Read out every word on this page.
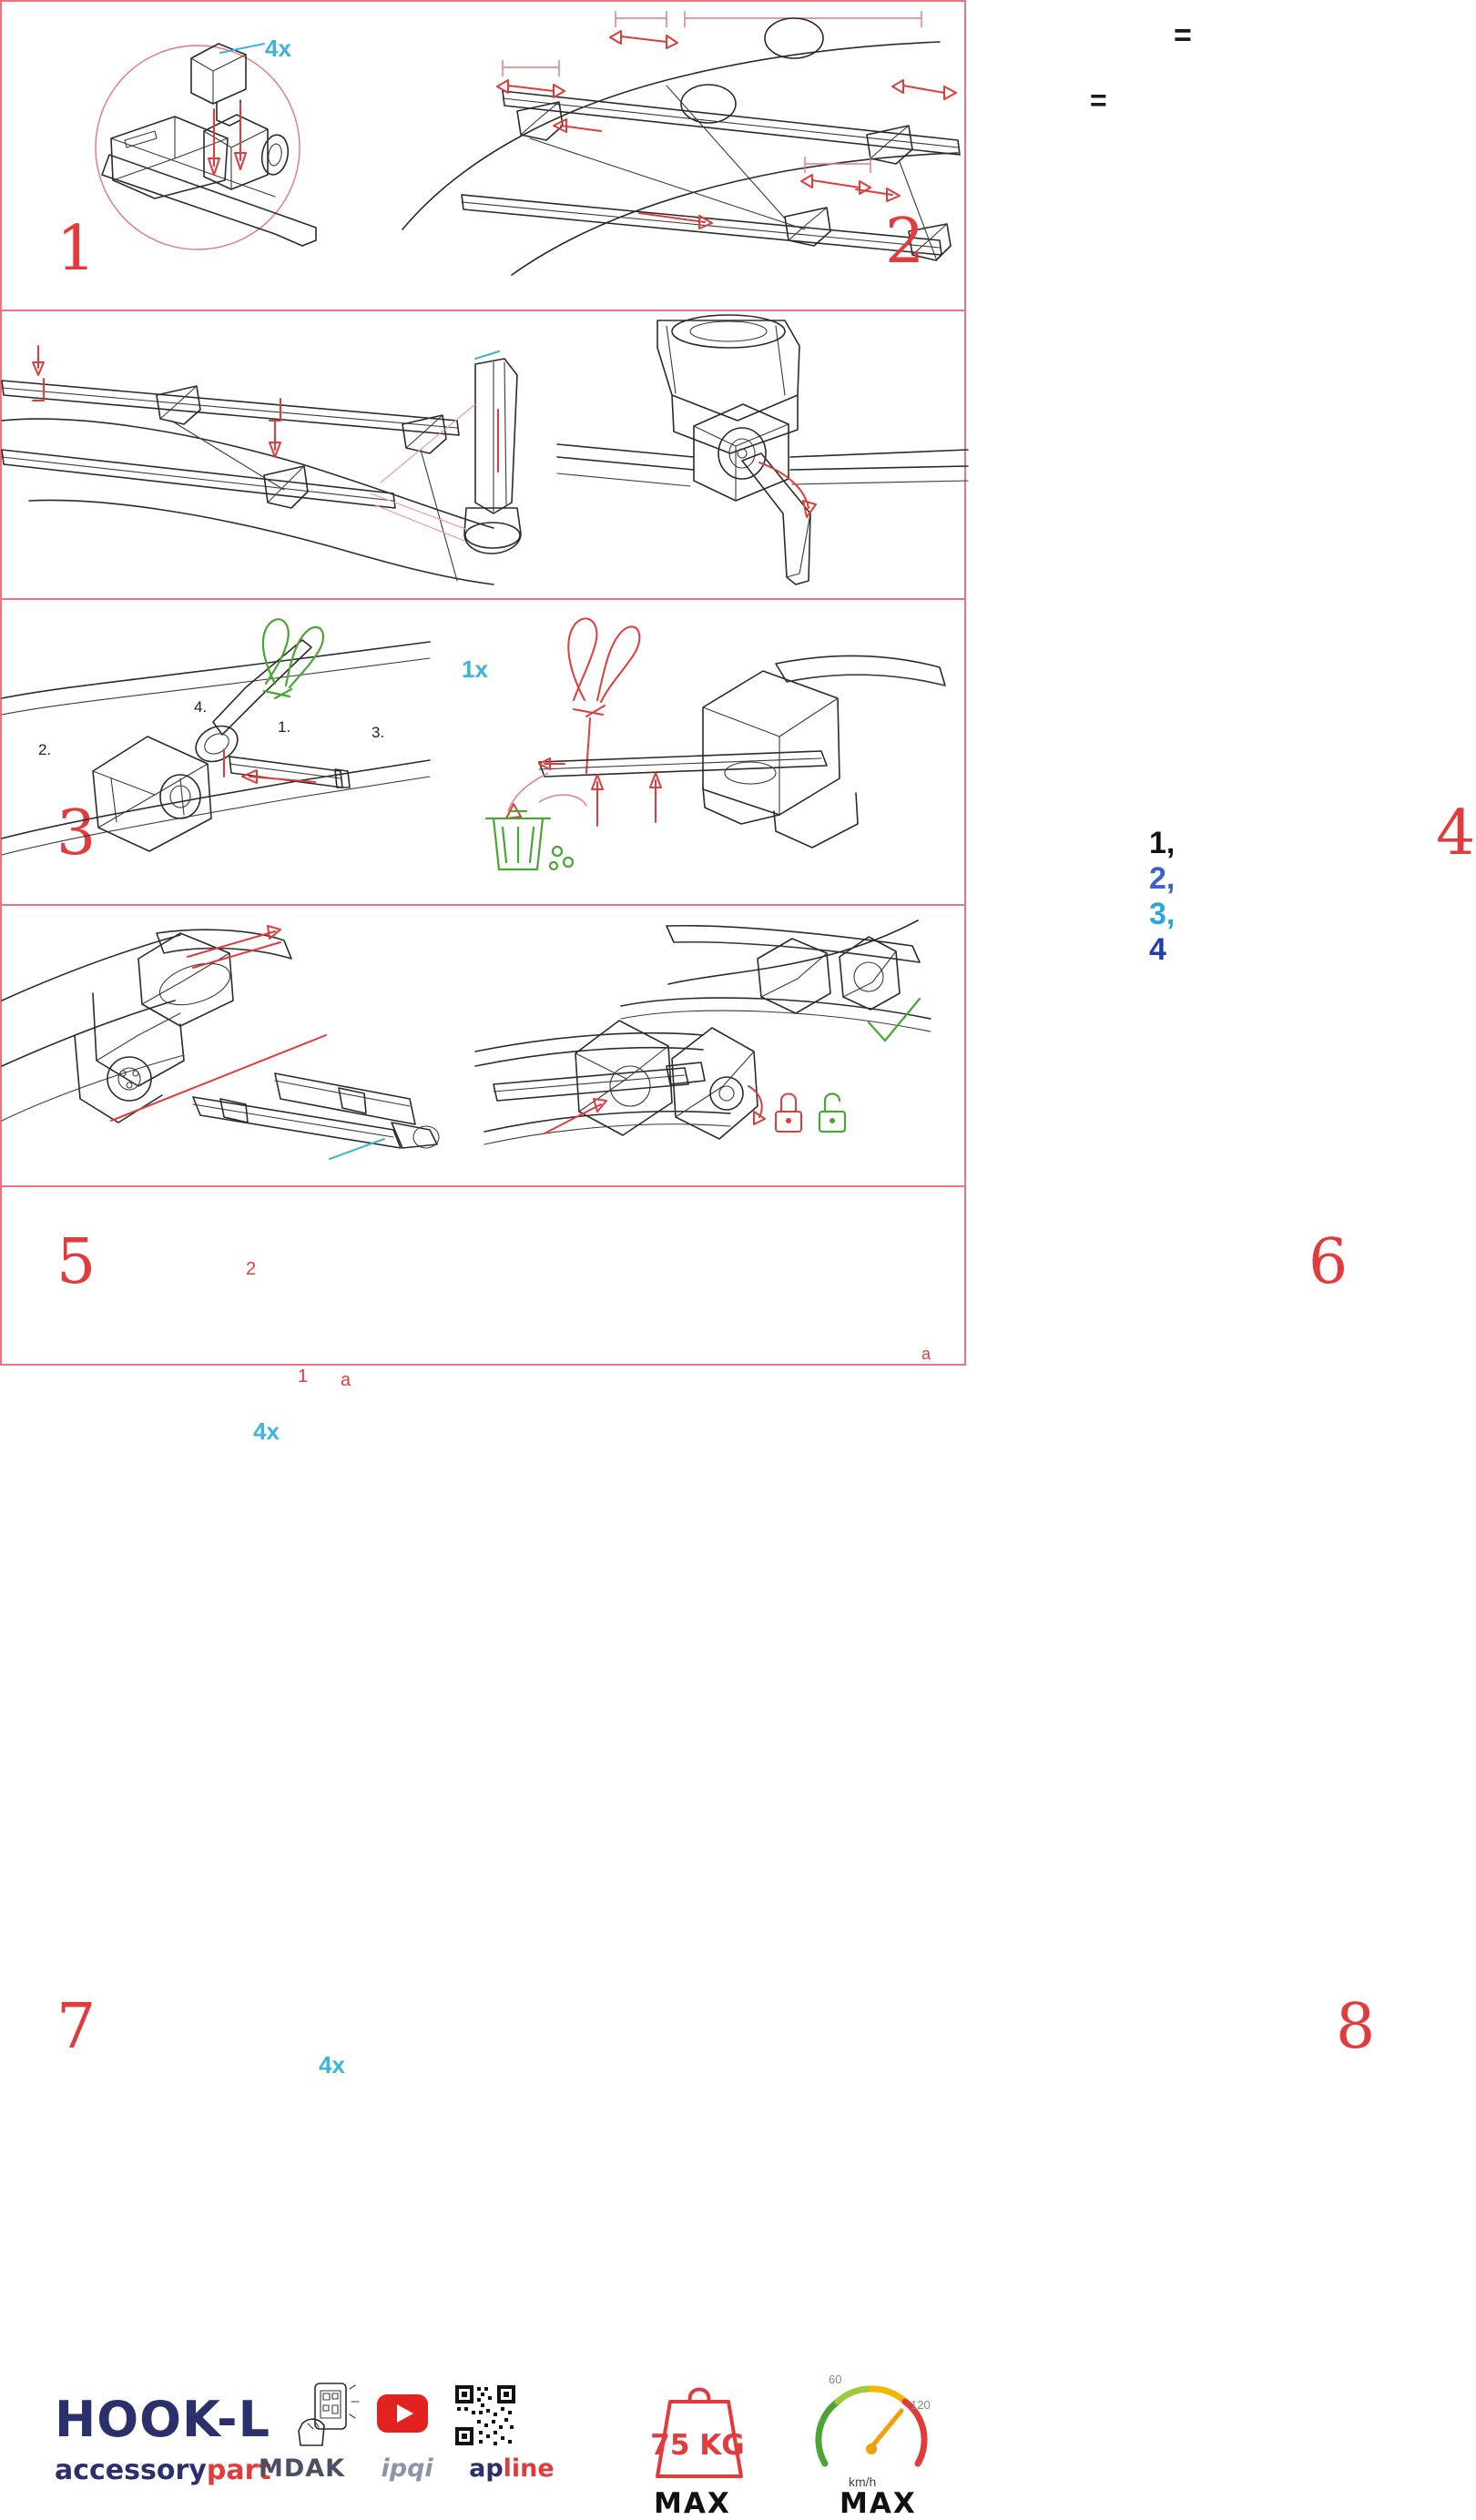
4x
1	2
=
=
2.
4.
1.	3.
1x
3	1, 2, 3, 4
4
5	2
1 a
4x
a
6
4x
7	8
HOOK-L
accessorypart
MDAK ipqi apline
75 KG
MAX
60
120
km/h
MAX
